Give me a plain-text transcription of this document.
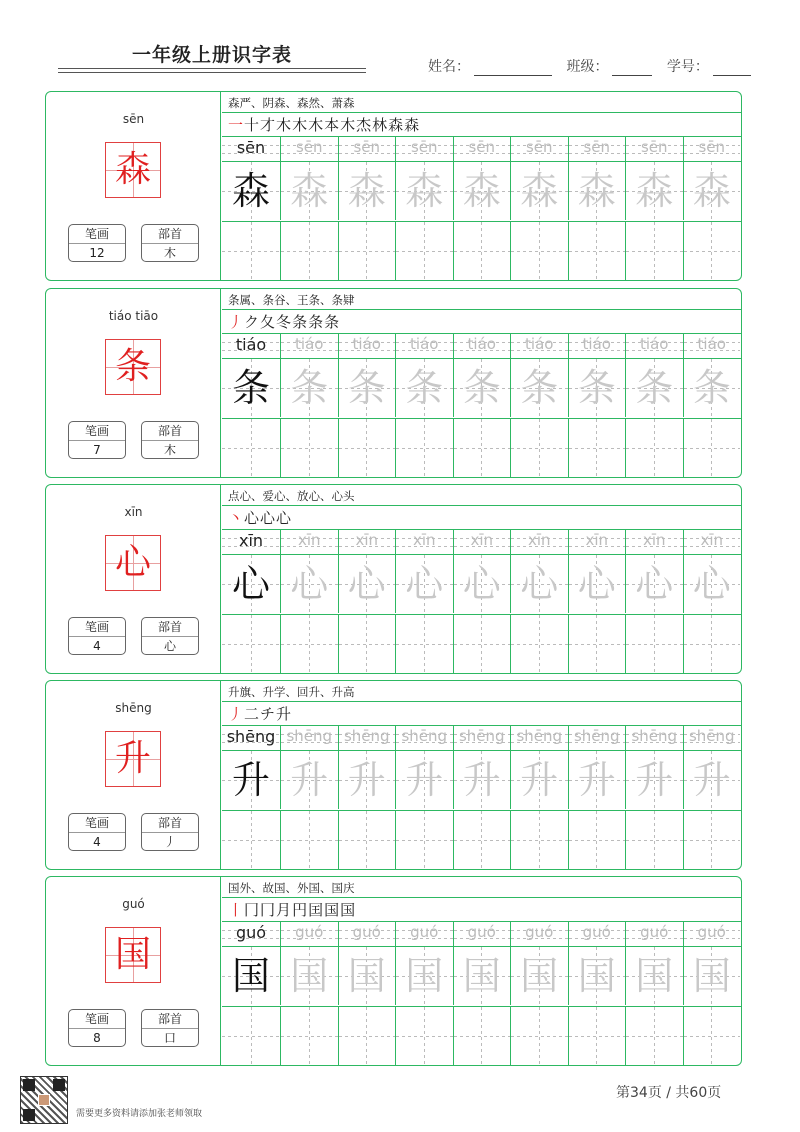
一年级上册识字表
姓名：	班级：	学号：
sēn
森
笔画
12
部首
木
森严、阴森、森然、萧森
一十才木木木本木杰林森森
sēn	sēn	sēn	sēn	sēn	sēn	sēn	sēn	sēn
森 森 森 森 森 森 森 森 森
tiáo tiāo
条
笔画
7
部首
木
条属、条谷、王条、条肄
丿ク夂冬条条条
tiáo	tiáo	tiáo	tiáo	tiáo	tiáo	tiáo	tiáo	tiáo
条 条 条 条 条 条 条 条 条
xīn
心
笔画
4
部首
心
点心、爱心、放心、心头
丶心心心
xīn	xīn	xīn	xīn	xīn	xīn	xīn	xīn	xīn
心 心 心 心 心 心 心 心 心
shēng
升
笔画
4
部首
丿
升旗、升学、回升、升高
丿二チ升
shēng shēng shēng shēng shēng shēng shēng shēng shēng
升 升 升 升 升 升 升 升 升
guó
国
笔画
8
部首
口
国外、故国、外国、国庆
丨冂冂月円囯国国
guó	guó	guó	guó	guó	guó	guó	guó	guó
国 国 国 国 国 国 国 国 国
需要更多资料请添加张老师领取
第34页 / 共60页
